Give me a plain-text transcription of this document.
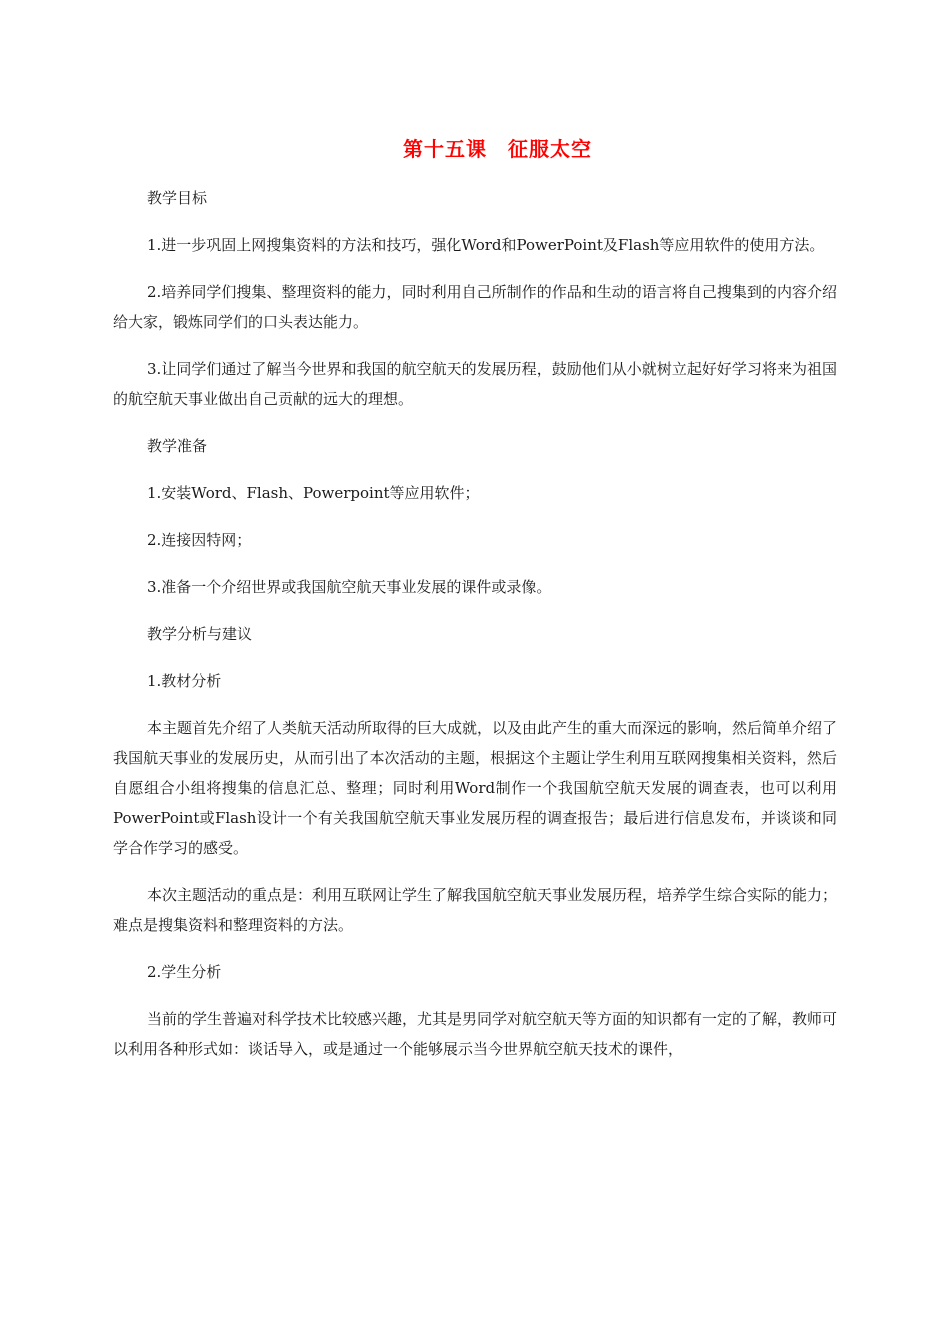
第十五课　征服太空

教学目标

1.进一步巩固上网搜集资料的方法和技巧，强化Word和PowerPoint及Flash等应用软件的使用方法。

2.培养同学们搜集、整理资料的能力，同时利用自己所制作的作品和生动的语言将自己搜集到的内容介绍给大家，锻炼同学们的口头表达能力。

3.让同学们通过了解当今世界和我国的航空航天的发展历程，鼓励他们从小就树立起好好学习将来为祖国的航空航天事业做出自己贡献的远大的理想。

教学准备

1.安装Word、Flash、Powerpoint等应用软件；

2.连接因特网；

3.准备一个介绍世界或我国航空航天事业发展的课件或录像。

教学分析与建议

1.教材分析

本主题首先介绍了人类航天活动所取得的巨大成就，以及由此产生的重大而深远的影响，然后简单介绍了我国航天事业的发展历史，从而引出了本次活动的主题，根据这个主题让学生利用互联网搜集相关资料，然后自愿组合小组将搜集的信息汇总、整理；同时利用Word制作一个我国航空航天发展的调查表，也可以利用PowerPoint或Flash设计一个有关我国航空航天事业发展历程的调查报告；最后进行信息发布，并谈谈和同学合作学习的感受。

本次主题活动的重点是：利用互联网让学生了解我国航空航天事业发展历程，培养学生综合实际的能力；难点是搜集资料和整理资料的方法。

2.学生分析

当前的学生普遍对科学技术比较感兴趣，尤其是男同学对航空航天等方面的知识都有一定的了解，教师可以利用各种形式如：谈话导入，或是通过一个能够展示当今世界航空航天技术的课件，
